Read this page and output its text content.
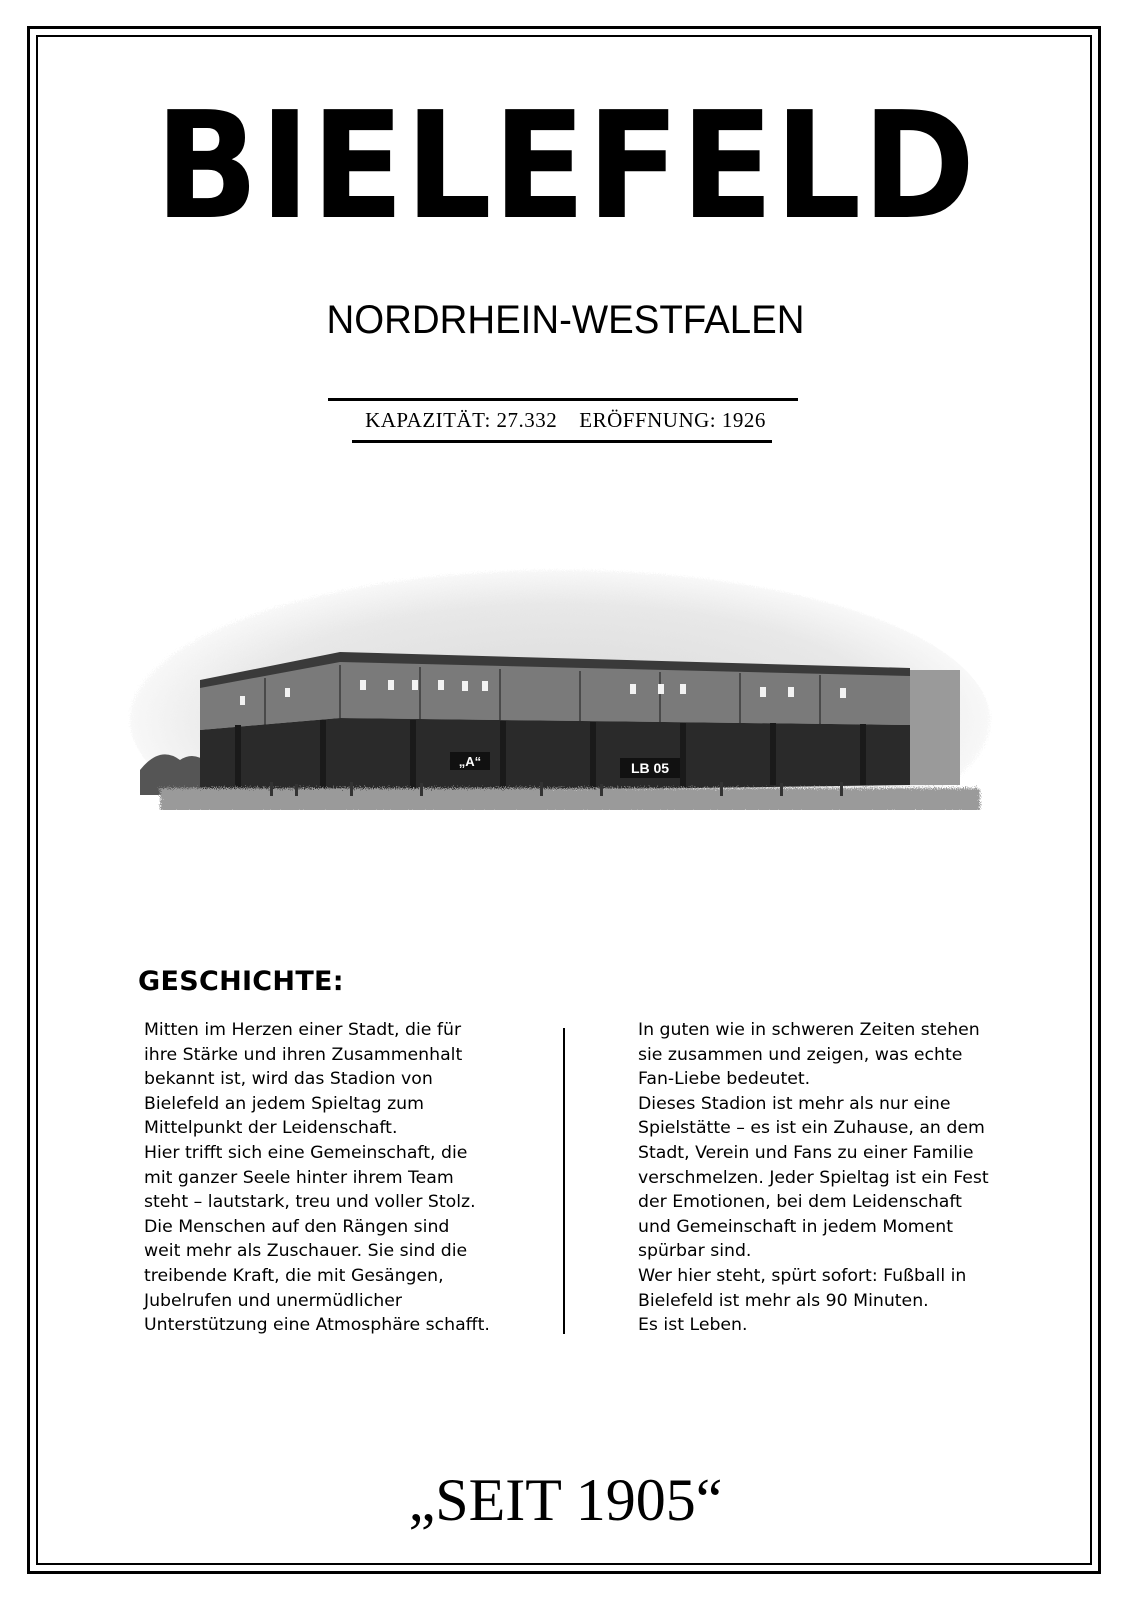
BIELEFELD
NORDRHEIN-WESTFALEN
KAPAZITÄT: 27.332 ERÖFFNUNG: 1926
„A“	LB 05
GESCHICHTE:

Mitten im Herzen einer Stadt, die für

ihre Stärke und ihren Zusammenhalt

bekannt ist, wird das Stadion von

Bielefeld an jedem Spieltag zum

Mittelpunkt der Leidenschaft.

Hier trifft sich eine Gemeinschaft, die

mit ganzer Seele hinter ihrem Team

steht – lautstark, treu und voller Stolz.

Die Menschen auf den Rängen sind

weit mehr als Zuschauer. Sie sind die

treibende Kraft, die mit Gesängen,

Jubelrufen und unermüdlicher

Unterstützung eine Atmosphäre schafft.

In guten wie in schweren Zeiten stehen

sie zusammen und zeigen, was echte

Fan-Liebe bedeutet.

Dieses Stadion ist mehr als nur eine

Spielstätte – es ist ein Zuhause, an dem

Stadt, Verein und Fans zu einer Familie

verschmelzen. Jeder Spieltag ist ein Fest

der Emotionen, bei dem Leidenschaft

und Gemeinschaft in jedem Moment

spürbar sind.

Wer hier steht, spürt sofort: Fußball in

Bielefeld ist mehr als 90 Minuten.

Es ist Leben.

„SEIT 1905“
